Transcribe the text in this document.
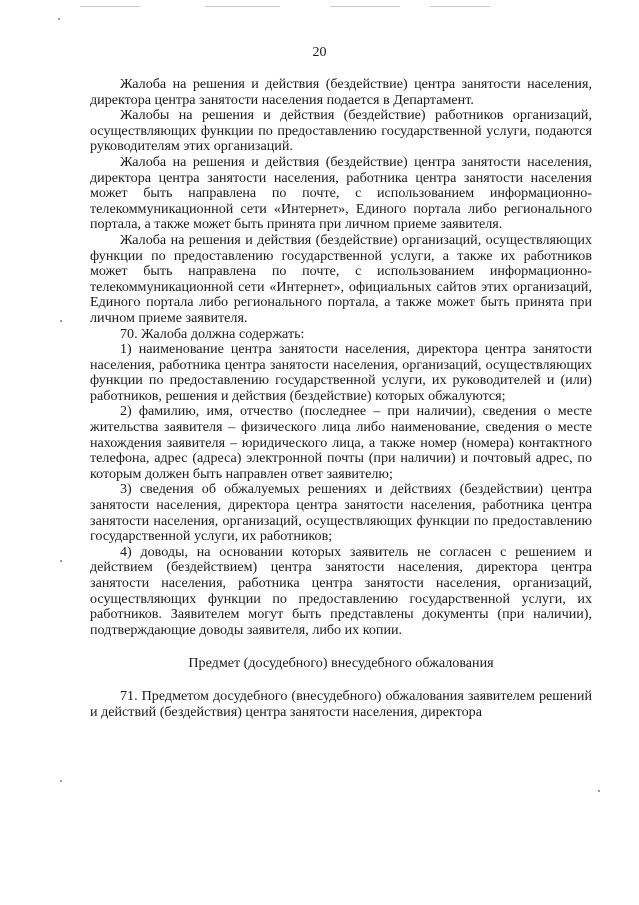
20

Жалоба на решения и действия (бездействие) центра занятости населения, директора центра занятости населения подается в Департамент.

Жалобы на решения и действия (бездействие) работников организаций, осуществляющих функции по предоставлению государственной услуги, подаются руководителям этих организаций.

Жалоба на решения и действия (бездействие) центра занятости населения, директора центра занятости населения, работника центра занятости населения может быть направлена по почте, с использованием информационно-телекоммуникационной сети «Интернет», Единого портала либо регионального портала, а также может быть принята при личном приеме заявителя.

Жалоба на решения и действия (бездействие) организаций, осуществляющих функции по предоставлению государственной услуги, а также их работников может быть направлена по почте, с использованием информационно-телекоммуникационной сети «Интернет», официальных сайтов этих организаций, Единого портала либо регионального портала, а также может быть принята при личном приеме заявителя.

70. Жалоба должна содержать:

1) наименование центра занятости населения, директора центра занятости населения, работника центра занятости населения, организаций, осуществляющих функции по предоставлению государственной услуги, их руководителей и (или) работников, решения и действия (бездействие) которых обжалуются;

2) фамилию, имя, отчество (последнее – при наличии), сведения о месте жительства заявителя – физического лица либо наименование, сведения о месте нахождения заявителя – юридического лица, а также номер (номера) контактного телефона, адрес (адреса) электронной почты (при наличии) и почтовый адрес, по которым должен быть направлен ответ заявителю;

3) сведения об обжалуемых решениях и действиях (бездействии) центра занятости населения, директора центра занятости населения, работника центра занятости населения, организаций, осуществляющих функции по предоставлению государственной услуги, их работников;

4) доводы, на основании которых заявитель не согласен с решением и действием (бездействием) центра занятости населения, директора центра занятости населения, работника центра занятости населения, организаций, осуществляющих функции по предоставлению государственной услуги, их работников. Заявителем могут быть представлены документы (при наличии), подтверждающие доводы заявителя, либо их копии.

Предмет (досудебного) внесудебного обжалования

71. Предметом досудебного (внесудебного) обжалования заявителем решений и действий (бездействия) центра занятости населения, директора
